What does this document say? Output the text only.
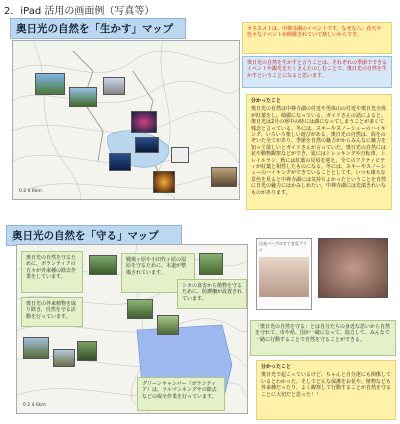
2．iPad 活用の画面例（写真等）
奥日光の自然を「生かす」マップ
0 2 4 6km
オススメ１は、中禅寺湖のイベントです。なぜなら、花火や色々なイベントが開催されていて楽しいからです。
奥日光の自然を生かすと言うことは、それぞれの季節でできるイベントや観光をたくさんたのしむことで、奥日光の自然を生かすということになると思います。
分かったこと
奥日光の自然は中禅寺湖の付近や男体山の付近や奥日光全体が紅葉をし、綺麗になっている。ガイドさんの話によると、奥日光は2月の寒中の時には湖になってしまうことが多くて残念と言っている。冬には、スキーやスノーシューのハイキング、いろいろ楽しい遊びがある。奥日光の自然は、海をのぞいた全てがあり、季節を自然の魅力がからみんなに魅力を知って欲しいとガイドさんが言っていた。奥日光の自然には花や動物観察などができ、夏にはトレッキングや自転車、トレイルラン、秋には紅葉の見頃を迎え、全てのアクティビティが紅葉と相性したものになる。冬には、スキーやスノーシューのハイキングができていることとしてす。いつも雄大な景色を見ると中禅寺湖には気持ちよかったということを自然に日光の魅力にはかみしめたい。中禅寺湖には先端きれいなものがあります。
奥日光の自然を「守る」マップ
奥日光の自然を守るために、ボランティアの方々が外来種の除去作業をしています。
奥日光の外来植物を取り除き、自然を守る活動を行っています。
戦場ヶ原や小田代ヶ原の湿原を守るために、木道が整備されています。
シカの食害から植物を守るために、防護柵が設置されています。
グリーンキャンパー（ボランティア）は、ツルマンネングサの除去などの保全作業を行っています。
0 2 4 6km
日光ハーブのすてきなプラン
「奥日光の自然を守る」とは自分たちの身近な思いから自然を守れて、市や県、国が一緒になって、協力して、みんなで一緒に行動することで自然を守ることができる。
分かったこと
奥日光で起こっているけど、ちゃんと自分達にも関係しているとわかった。そしてどんな保護をお花や、植物なども外来種だったり、よく観察して行動することが自然を守ることに大切だと思った！！
